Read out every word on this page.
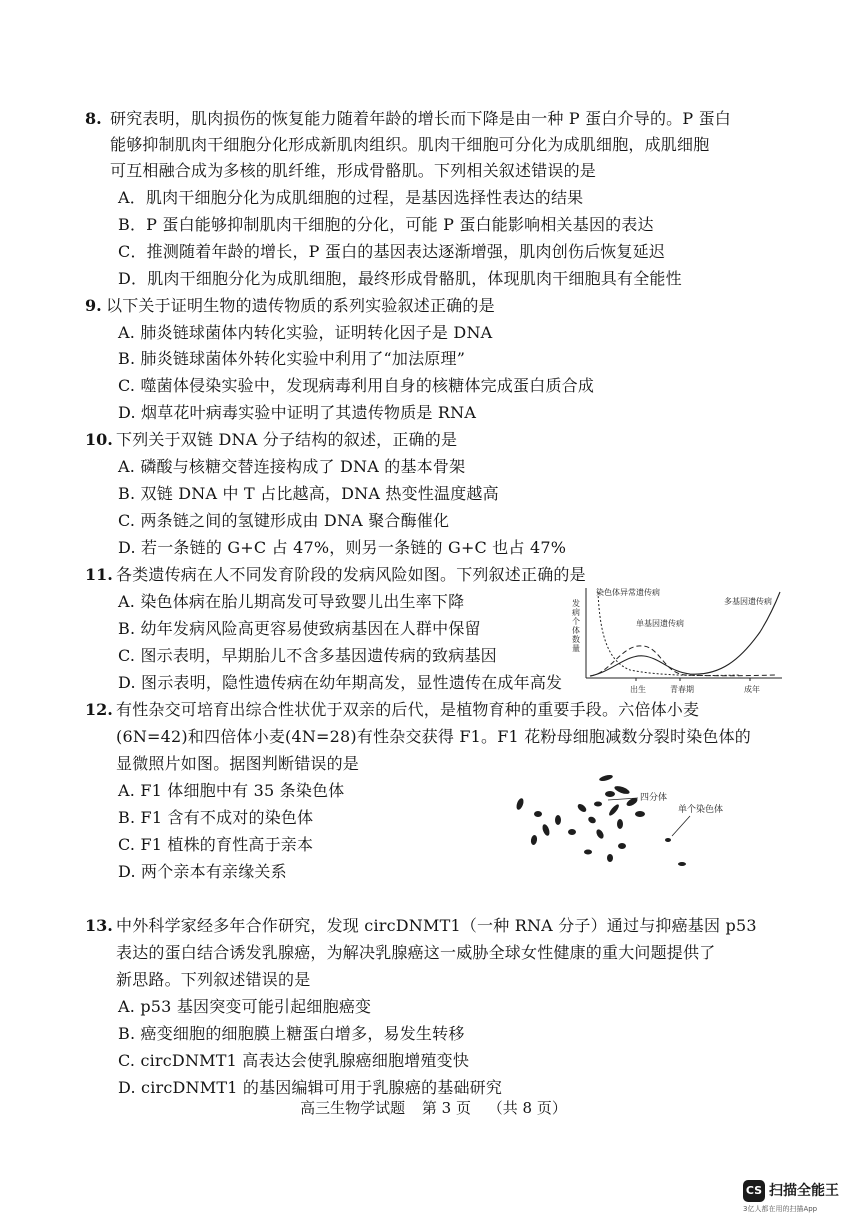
8. 研究表明，肌肉损伤的恢复能力随着年龄的增长而下降是由一种 P 蛋白介导的。P 蛋白
能够抑制肌肉干细胞分化形成新肌肉组织。肌肉干细胞可分化为成肌细胞，成肌细胞
可互相融合成为多核的肌纤维，形成骨骼肌。下列相关叙述错误的是
A．肌肉干细胞分化为成肌细胞的过程，是基因选择性表达的结果
B．P 蛋白能够抑制肌肉干细胞的分化，可能 P 蛋白能影响相关基因的表达
C．推测随着年龄的增长，P 蛋白的基因表达逐渐增强，肌肉创伤后恢复延迟
D．肌肉干细胞分化为成肌细胞，最终形成骨骼肌，体现肌肉干细胞具有全能性
9. 以下关于证明生物的遗传物质的系列实验叙述正确的是
A. 肺炎链球菌体内转化实验，证明转化因子是 DNA
B. 肺炎链球菌体外转化实验中利用了“加法原理”
C. 噬菌体侵染实验中，发现病毒利用自身的核糖体完成蛋白质合成
D. 烟草花叶病毒实验中证明了其遗传物质是 RNA
10. 下列关于双链 DNA 分子结构的叙述，正确的是
A. 磷酸与核糖交替连接构成了 DNA 的基本骨架
B. 双链 DNA 中 T 占比越高，DNA 热变性温度越高
C. 两条链之间的氢键形成由 DNA 聚合酶催化
D. 若一条链的 G+C 占 47%，则另一条链的 G+C 也占 47%
11. 各类遗传病在人不同发育阶段的发病风险如图。下列叙述正确的是
A. 染色体病在胎儿期高发可导致婴儿出生率下降
B. 幼年发病风险高更容易使致病基因在人群中保留
C. 图示表明，早期胎儿不含多基因遗传病的致病基因
D. 图示表明，隐性遗传病在幼年期高发，显性遗传在成年高发
发病个体数量
染色体异常遗传病
单基因遗传病
多基因遗传病
出生	青春期	成年
12. 有性杂交可培育出综合性状优于双亲的后代，是植物育种的重要手段。六倍体小麦
(6N=42)和四倍体小麦(4N=28)有性杂交获得 F1。F1 花粉母细胞减数分裂时染色体的
显微照片如图。据图判断错误的是
A. F1 体细胞中有 35 条染色体
B. F1 含有不成对的染色体
C. F1 植株的育性高于亲本
D. 两个亲本有亲缘关系
四分体
单个染色体
13. 中外科学家经多年合作研究，发现 circDNMT1（一种 RNA 分子）通过与抑癌基因 p53
表达的蛋白结合诱发乳腺癌，为解决乳腺癌这一威胁全球女性健康的重大问题提供了
新思路。下列叙述错误的是
A. p53 基因突变可能引起细胞癌变
B. 癌变细胞的细胞膜上糖蛋白增多，易发生转移
C. circDNMT1 高表达会使乳腺癌细胞增殖变快
D. circDNMT1 的基因编辑可用于乳腺癌的基础研究
高三生物学试题 第 3 页 （共 8 页）
CS 扫描全能王
3亿人都在用的扫描App
